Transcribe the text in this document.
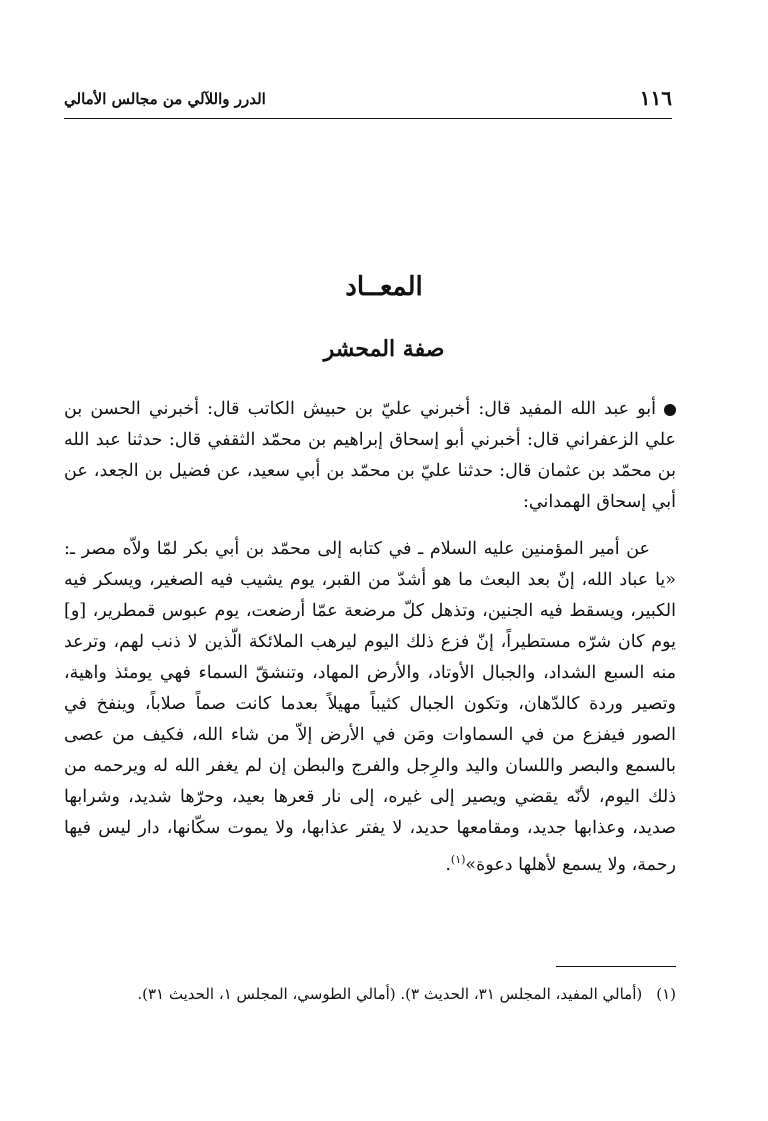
١١٦
الدرر واللآلي من مجالس الأمالي
المعــاد
صفة المحشر

أبو عبد الله المفيد قال: أخبرني عليّ بن حبيش الكاتب قال: أخبرني الحسن بن علي الزعفراني قال: أخبرني أبو إسحاق إبراهيم بن محمّد الثقفي قال: حدثنا عبد الله بن محمّد بن عثمان قال: حدثنا عليّ بن محمّد بن أبي سعيد، عن فضيل بن الجعد، عن أبي إسحاق الهمداني:

عن أمير المؤمنين عليه السلام ـ في كتابه إلى محمّد بن أبي بكر لمّا ولاّه مصر ـ: «يا عباد الله، إنّ بعد البعث ما هو أشدّ من القبر، يوم يشيب فيه الصغير، ويسكر فيه الكبير، ويسقط فيه الجنين، وتذهل كلّ مرضعة عمّا أرضعت، يوم عبوس قمطرير، [و] يوم كان شرّه مستطيراً، إنّ فزع ذلك اليوم ليرهب الملائكة الّذين لا ذنب لهم، وترعد منه السبع الشداد، والجبال الأوتاد، والأرض المهاد، وتنشقّ السماء فهي يومئذ واهية، وتصير وردة كالدّهان، وتكون الجبال كثيباً مهيلاً بعدما كانت صماً صلاباً، وينفخ في الصور فيفزع من في السماوات ومَن في الأرض إلاّ من شاء الله، فكيف من عصى بالسمع والبصر واللسان واليد والرِجل والفرج والبطن إن لم يغفر الله له ويرحمه من ذلك اليوم، لأنّه يقضي ويصير إلى غيره، إلى نار قعرها بعيد، وحرّها شديد، وشرابها صديد، وعذابها جديد، ومقامعها حديد، لا يفتر عذابها، ولا يموت سكّانها، دار ليس فيها رحمة، ولا يسمع لأهلها دعوة»$^{(١)}$.

(١)(أمالي المفيد، المجلس ٣١، الحديث ٣). (أمالي الطوسي، المجلس ١، الحديث ٣١).
